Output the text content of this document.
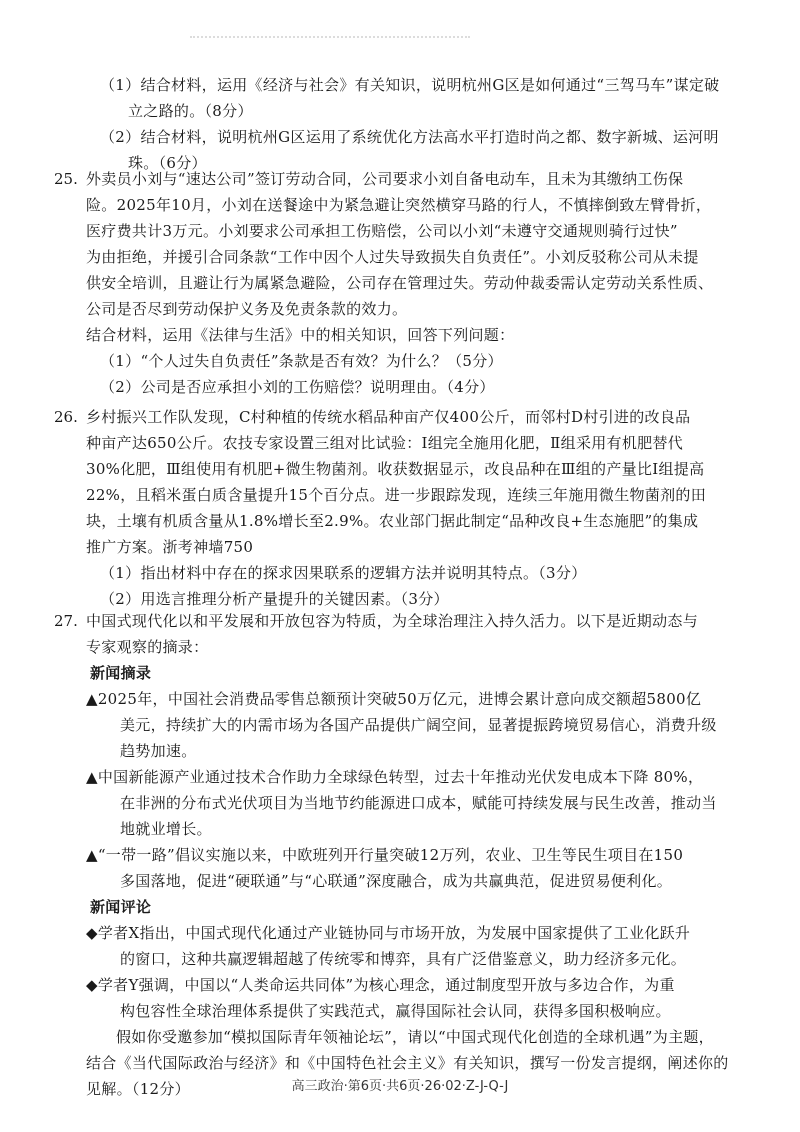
（1）结合材料，运用《经济与社会》有关知识，说明杭州G区是如何通过“三驾马车”谋定破
立之路的。（8分）
（2）结合材料，说明杭州G区运用了系统优化方法高水平打造时尚之都、数字新城、运河明
珠。（6分）
25. 外卖员小刘与“速达公司”签订劳动合同，公司要求小刘自备电动车，且未为其缴纳工伤保
险。2025年10月，小刘在送餐途中为紧急避让突然横穿马路的行人，不慎摔倒致左臂骨折，
医疗费共计3万元。小刘要求公司承担工伤赔偿，公司以小刘“未遵守交通规则骑行过快”
为由拒绝，并援引合同条款“工作中因个人过失导致损失自负责任”。小刘反驳称公司从未提
供安全培训，且避让行为属紧急避险，公司存在管理过失。劳动仲裁委需认定劳动关系性质、
公司是否尽到劳动保护义务及免责条款的效力。
结合材料，运用《法律与生活》中的相关知识，回答下列问题：
（1）“个人过失自负责任”条款是否有效？为什么？（5分）
（2）公司是否应承担小刘的工伤赔偿？说明理由。（4分）
26. 乡村振兴工作队发现，C村种植的传统水稻品种亩产仅400公斤，而邻村D村引进的改良品
种亩产达650公斤。农技专家设置三组对比试验：Ⅰ组完全施用化肥，Ⅱ组采用有机肥替代
30%化肥，Ⅲ组使用有机肥+微生物菌剂。收获数据显示，改良品种在Ⅲ组的产量比Ⅰ组提高
22%，且稻米蛋白质含量提升15个百分点。进一步跟踪发现，连续三年施用微生物菌剂的田
块，土壤有机质含量从1.8%增长至2.9%。农业部门据此制定“品种改良+生态施肥”的集成
推广方案。浙考神墙750
（1）指出材料中存在的探求因果联系的逻辑方法并说明其特点。（3分）
（2）用选言推理分析产量提升的关键因素。（3分）
27. 中国式现代化以和平发展和开放包容为特质，为全球治理注入持久活力。以下是近期动态与
专家观察的摘录：
新闻摘录
▲2025年，中国社会消费品零售总额预计突破50万亿元，进博会累计意向成交额超5800亿
美元，持续扩大的内需市场为各国产品提供广阔空间，显著提振跨境贸易信心，消费升级
趋势加速。
▲中国新能源产业通过技术合作助力全球绿色转型，过去十年推动光伏发电成本下降 80%，
在非洲的分布式光伏项目为当地节约能源进口成本，赋能可持续发展与民生改善，推动当
地就业增长。
▲“一带一路”倡议实施以来，中欧班列开行量突破12万列，农业、卫生等民生项目在150
多国落地，促进“硬联通”与“心联通”深度融合，成为共赢典范，促进贸易便利化。
新闻评论
◆学者X指出，中国式现代化通过产业链协同与市场开放，为发展中国家提供了工业化跃升
的窗口，这种共赢逻辑超越了传统零和博弈，具有广泛借鉴意义，助力经济多元化。
◆学者Y强调，中国以“人类命运共同体”为核心理念，通过制度型开放与多边合作，为重
构包容性全球治理体系提供了实践范式，赢得国际社会认同，获得多国积极响应。
假如你受邀参加“模拟国际青年领袖论坛”，请以“中国式现代化创造的全球机遇”为主题，
结合《当代国际政治与经济》和《中国特色社会主义》有关知识，撰写一份发言提纲，阐述你的
见解。（12分）	高三政治·第6页·共6页·26·02·Z-J-Q-J
